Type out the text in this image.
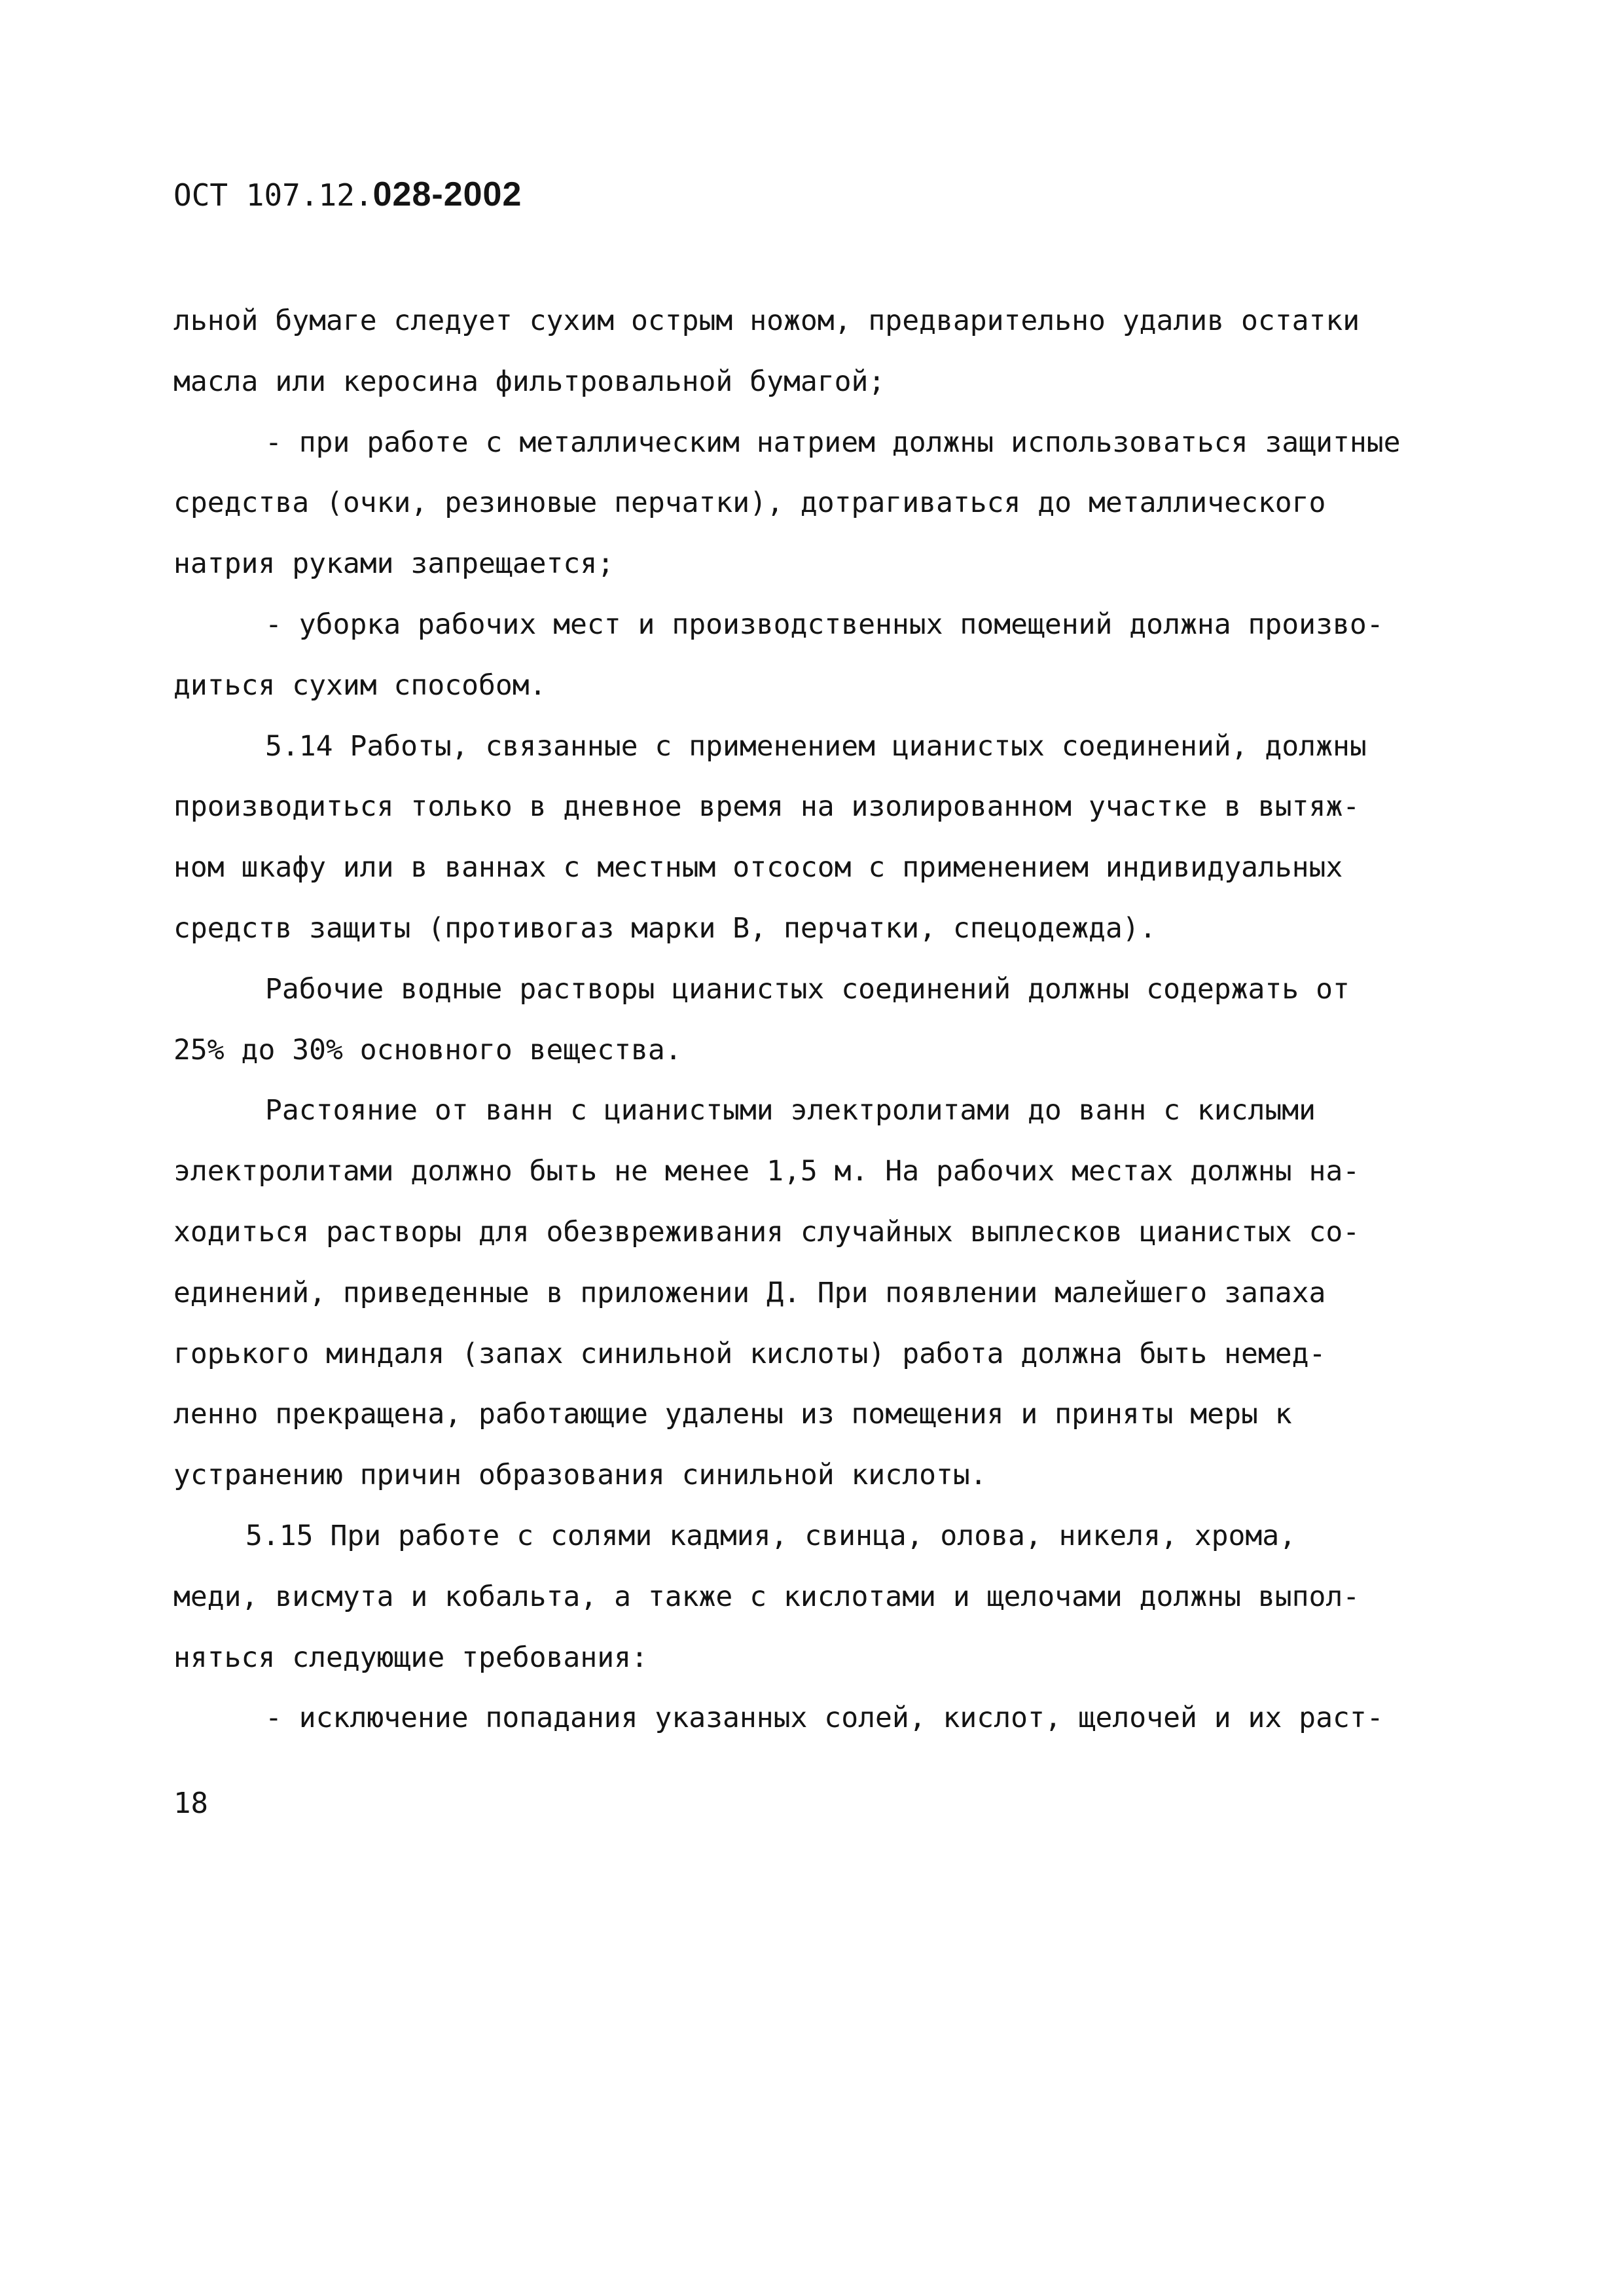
ОСТ 107.12.028-2002
льной бумаге следует сухим острым ножом, предварительно удалив остатки
масла или керосина фильтровальной бумагой;
- при работе с металлическим натрием должны использоваться защитные
средства (очки, резиновые перчатки), дотрагиваться до металлического
натрия руками запрещается;
- уборка рабочих мест и производственных помещений должна произво-
диться сухим способом.
5.14 Работы, связанные с применением цианистых соединений, должны
производиться только в дневное время на изолированном участке в вытяж-
ном шкафу или в ваннах с местным отсосом с применением индивидуальных
средств защиты (противогаз марки В, перчатки, спецодежда).
Рабочие водные растворы цианистых соединений должны содержать от
25% до 30% основного вещества.
Растояние от ванн с цианистыми электролитами до ванн с кислыми
электролитами должно быть не менее 1,5 м. На рабочих местах должны на-
ходиться растворы для обезвреживания случайных выплесков цианистых со-
единений, приведенные в приложении Д. При появлении малейшего запаха
горького миндаля (запах синильной кислоты) работа должна быть немед-
ленно прекращена, работающие удалены из помещения и приняты меры к
устранению причин образования синильной кислоты.
5.15 При работе с солями кадмия, свинца, олова, никеля, хрома,
меди, висмута и кобальта, а также с кислотами и щелочами должны выпол-
няться следующие требования:
- исключение попадания указанных солей, кислот, щелочей и их раст-
18
